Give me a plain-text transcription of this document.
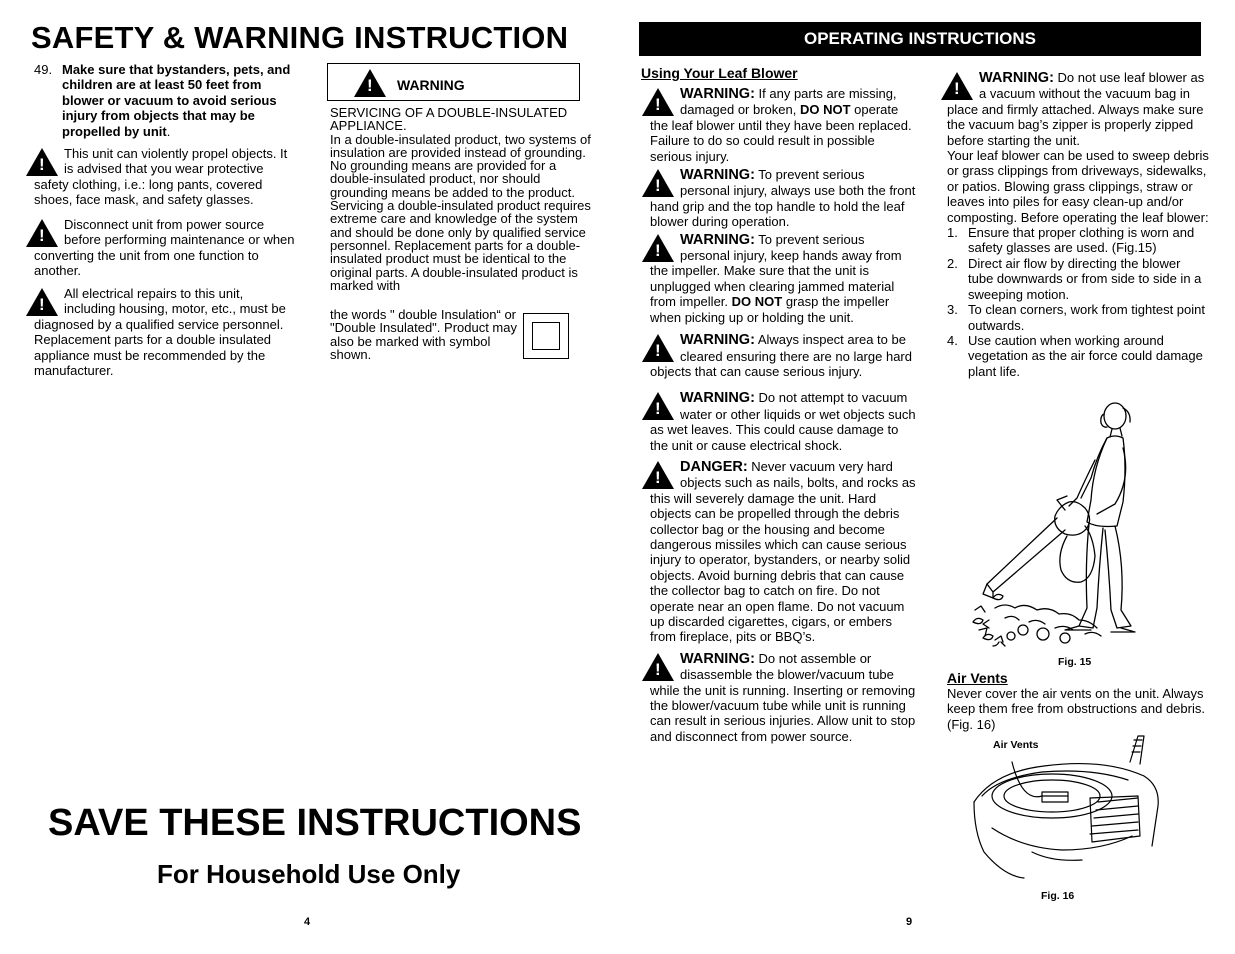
SAFETY & WARNING INSTRUCTION
49. Make sure that bystanders, pets, and children are at least 50 feet from blower or vacuum to avoid serious injury from objects that may be propelled by unit.
!
This unit can violently propel objects. It is advised that you wear protective safety clothing, i.e.: long pants, covered shoes, face mask, and safety glasses.
!
Disconnect unit from power source before performing maintenance or when converting the unit from one function to another.
!
All electrical repairs to this unit, including housing, motor, etc., must be diagnosed by a qualified service personnel. Replacement parts for a double insulated appliance must be recommended by the manufacturer.
! WARNING
SERVICING OF A DOUBLE-INSULATED APPLIANCE.
In a double-insulated product, two systems of insulation are provided instead of grounding. No grounding means are provided for a double-insulated product, nor should grounding means be added to the product. Servicing a double-insulated product requires extreme care and knowledge of the system and should be done only by qualified service personnel. Replacement parts for a double-insulated product must be identical to the original parts. A double-insulated product is marked with
the words " double Insulation“ or "Double Insulated". Product may also be marked with symbol shown.
SAVE THESE INSTRUCTIONS
For Household Use Only
4
OPERATING INSTRUCTIONS
Using Your Leaf Blower
!
WARNING: If any parts are missing, damaged or broken, DO NOT operate the leaf blower until they have been replaced. Failure to do so could result in possible serious injury.
!
WARNING: To prevent serious personal injury, always use both the front hand grip and the top handle to hold the leaf blower during operation.
!
WARNING: To prevent serious personal injury, keep hands away from the impeller. Make sure that the unit is unplugged when clearing jammed material from impeller. DO NOT grasp the impeller when picking up or holding the unit.
!
WARNING: Always inspect area to be cleared ensuring there are no large hard objects that can cause serious injury.
!
WARNING: Do not attempt to vacuum water or other liquids or wet objects such as wet leaves. This could cause damage to the unit or cause electrical shock.
!
DANGER: Never vacuum very hard objects such as nails, bolts, and rocks as this will severely damage the unit. Hard objects can be propelled through the debris collector bag or the housing and become dangerous missiles which can cause serious injury to operator, bystanders, or nearby solid objects. Avoid burning debris that can cause the collector bag to catch on fire. Do not operate near an open flame. Do not vacuum up discarded cigarettes, cigars, or embers from fireplace, pits or BBQ’s.
!
WARNING: Do not assemble or disassemble the blower/vacuum tube while the unit is running. Inserting or removing the blower/vacuum tube while unit is running can result in serious injuries. Allow unit to stop and disconnect from power source.
!
WARNING: Do not use leaf blower as a vacuum without the vacuum bag in place and firmly attached. Always make sure the vacuum bag’s zipper is properly zipped before starting the unit.
Your leaf blower can be used to sweep debris or grass clippings from driveways, sidewalks, or patios. Blowing grass clippings, straw or leaves into piles for easy clean-up and/or composting. Before operating the leaf blower:
1. Ensure that proper clothing is worn and safety glasses are used. (Fig.15)
2. Direct air flow by directing the blower tube downwards or from side to side in a sweeping motion.
3. To clean corners, work from tightest point outwards.
4. Use caution when working around vegetation as the air force could damage plant life.
Fig. 15
Air Vents
Never cover the air vents on the unit. Always keep them free from obstructions and debris. (Fig. 16)
Air Vents
Fig. 16
9
